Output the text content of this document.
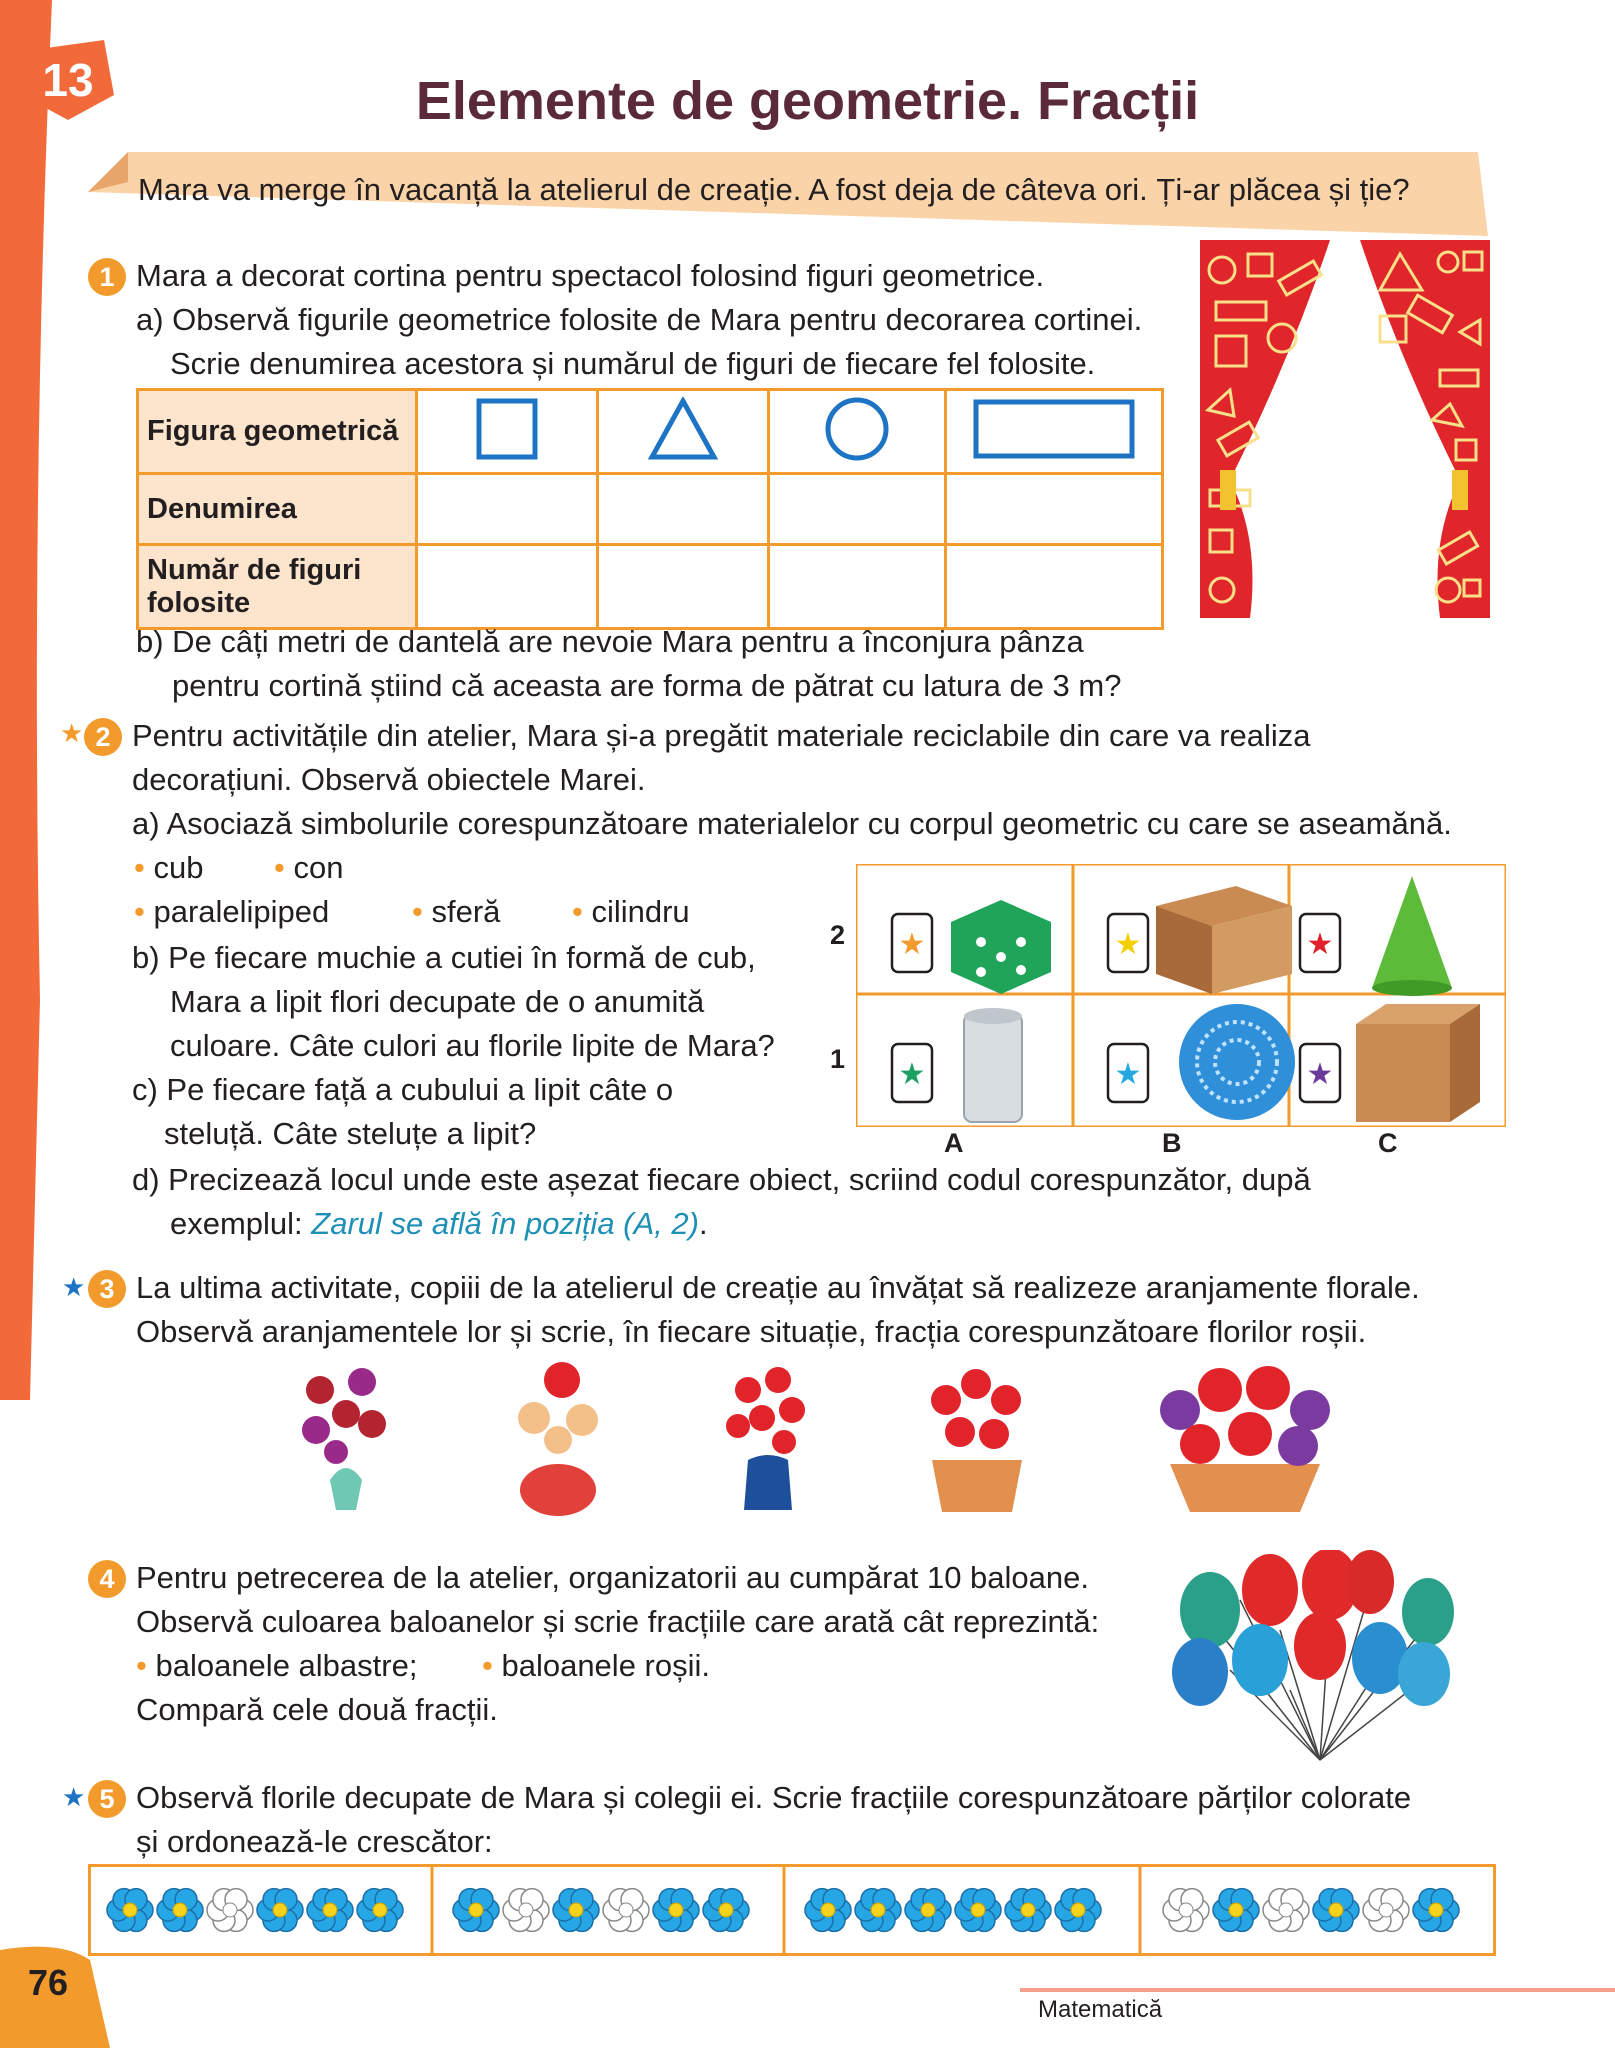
13	Elemente de geometrie. Fracții
Mara va merge în vacanță la atelierul de creație. A fost deja de câteva ori. Ți-ar plăcea și ție?
1 Mara a decorat cortina pentru spectacol folosind figuri geometrice.
a) Observă figurile geometrice folosite de Mara pentru decorarea cortinei.
Scrie denumirea acestora și numărul de figuri de fiecare fel folosite.
Figura geometrică				
Denumirea				
Număr de figuri
folosite				
b) De câți metri de dantelă are nevoie Mara pentru a înconjura pânza
pentru cortină știind că aceasta are forma de pătrat cu latura de 3 m?
★ 2 Pentru activitățile din atelier, Mara și-a pregătit materiale reciclabile din care va realiza
decorațiuni. Observă obiectele Marei.
a) Asociază simbolurile corespunzătoare materialelor cu corpul geometric cu care se aseamănă.
• cub • con
• paralelipiped	• sferă • cilindru
b) Pe fiecare muchie a cutiei în formă de cub,
Mara a lipit flori decupate de o anumită
culoare. Câte culori au florile lipite de Mara?
c) Pe fiecare față a cubului a lipit câte o
steluță. Câte steluțe a lipit?
★	★	★
★	★	★
2
1
A	B	C
d) Precizează locul unde este așezat fiecare obiect, scriind codul corespunzător, după
exemplul: Zarul se află în poziția (A, 2).
★ 3 La ultima activitate, copiii de la atelierul de creație au învățat să realizeze aranjamente florale.
Observă aranjamentele lor și scrie, în fiecare situație, fracția corespunzătoare florilor roșii.
4 Pentru petrecerea de la atelier, organizatorii au cumpărat 10 baloane.
Observă culoarea baloanelor și scrie fracțiile care arată cât reprezintă:
• baloanele albastre; • baloanele roșii.
Compară cele două fracții.
★ 5 Observă florile decupate de Mara și colegii ei. Scrie fracțiile corespunzătoare părților colorate
și ordonează-le crescător:
76
Matematică
